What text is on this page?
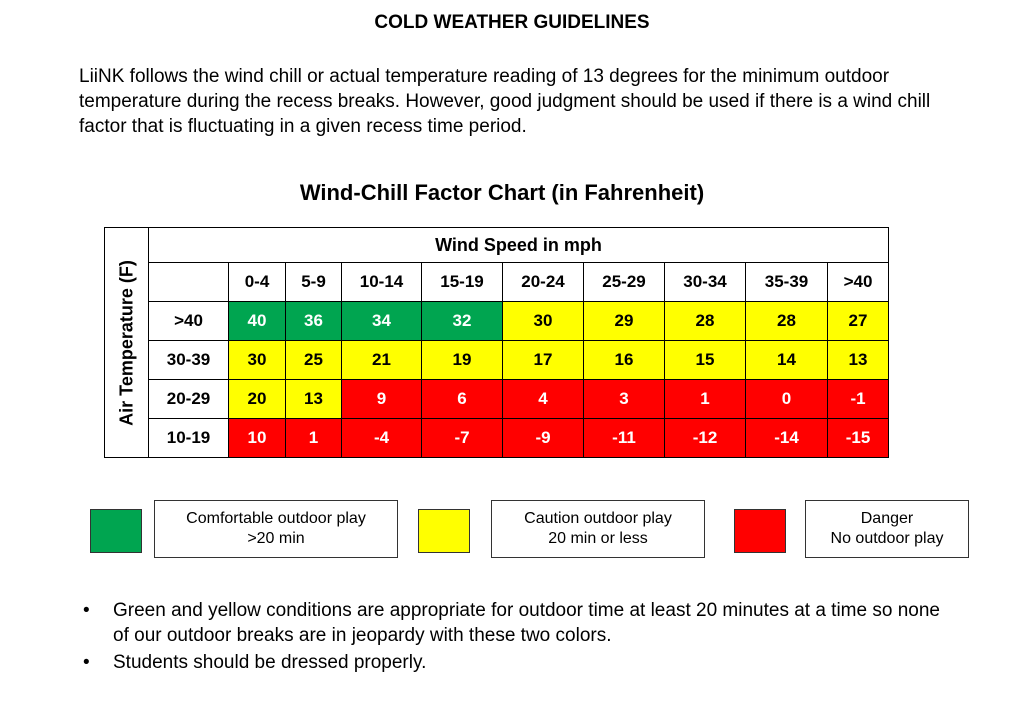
COLD WEATHER GUIDELINES
LiiNK follows the wind chill or actual temperature reading of 13 degrees for the minimum outdoor temperature during the recess breaks. However, good judgment should be used if there is a wind chill factor that is fluctuating in a given recess time period.
Wind-Chill Factor Chart (in Fahrenheit)
Air Temperature (F)	Wind Speed in mph									
		0-4	5-9	10-14	15-19	20-24	25-29	30-34	35-39	>40
	>40	40	36	34	32	30	29	28	28	27
	30-39	30	25	21	19	17	16	15	14	13
	20-29	20	13	9	6	4	3	1	0	-1
	10-19	10	1	-4	-7	-9	-11	-12	-14	-15
Comfortable outdoor play
>20 min
Caution outdoor play
20 min or less
Danger
No outdoor play
• Green and yellow conditions are appropriate for outdoor time at least 20 minutes at a time so none of our outdoor breaks are in jeopardy with these two colors.
• Students should be dressed properly.
